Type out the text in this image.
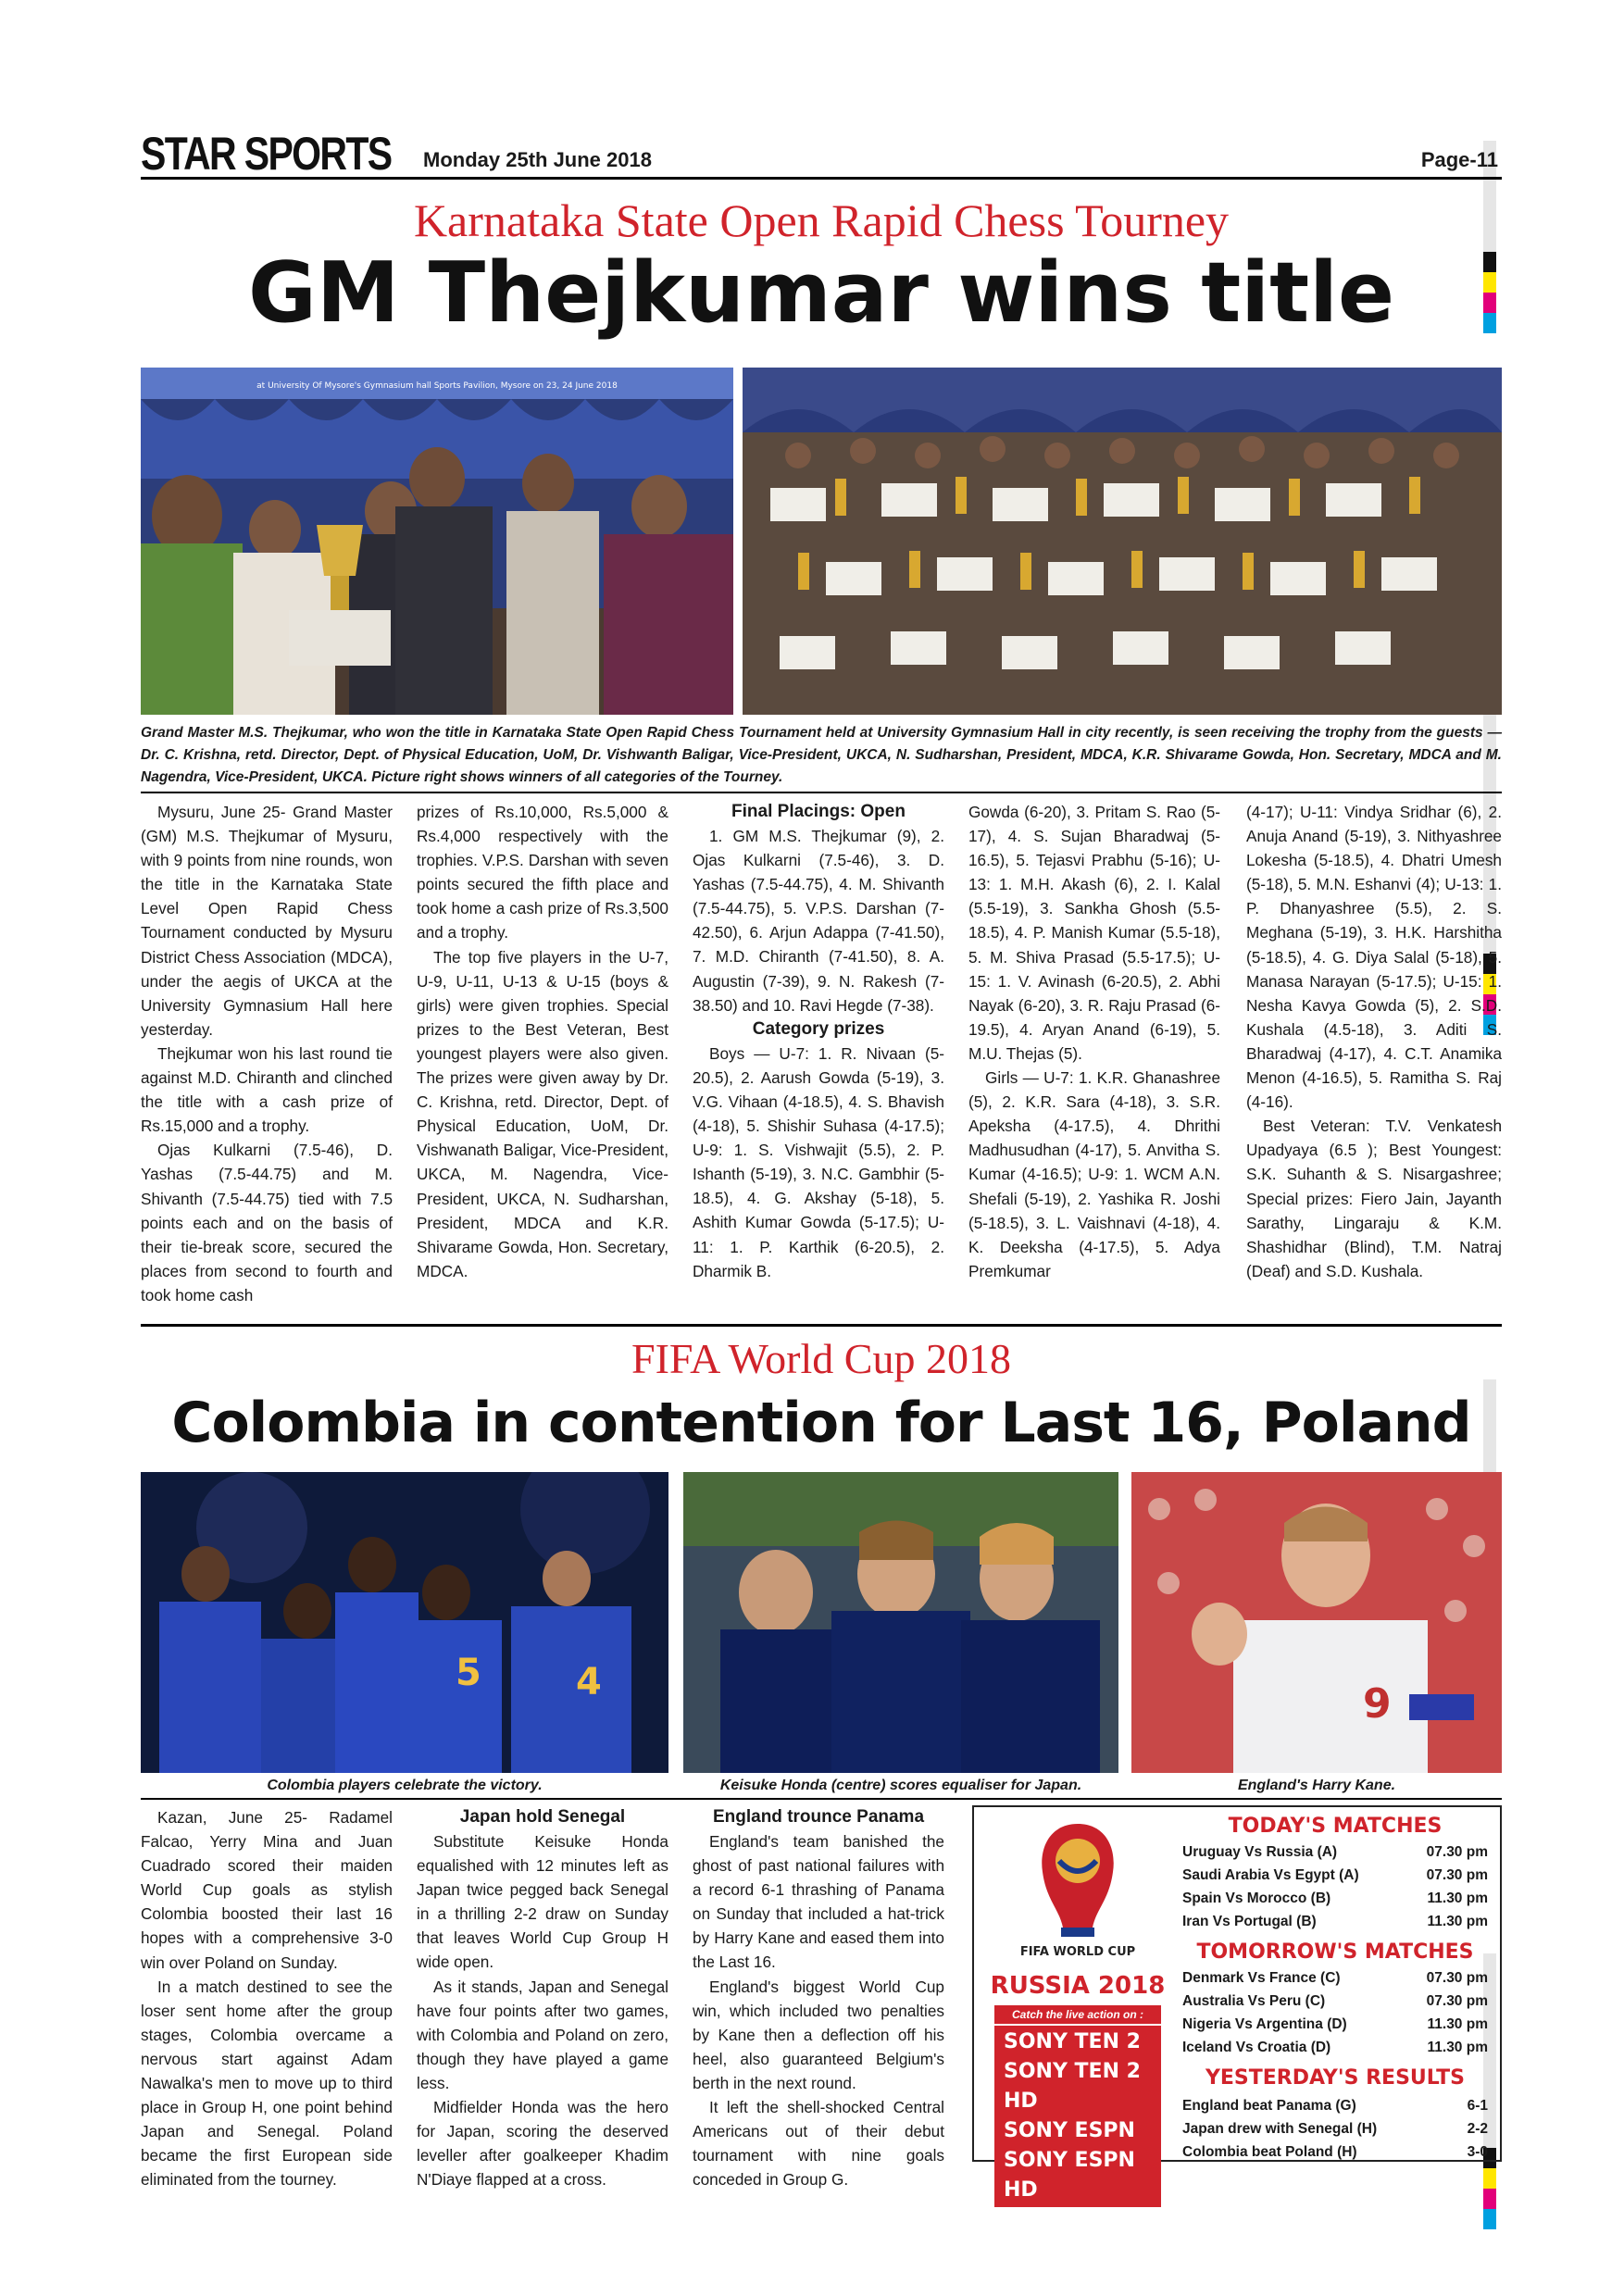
STAR SPORTS Monday 25th June 2018	Page-11
Karnataka State Open Rapid Chess Tourney
GM Thejkumar wins title
at University Of Mysore's Gymnasium hall Sports Pavilion, Mysore on 23, 24 June 2018
Grand Master M.S. Thejkumar, who won the title in Karnataka State Open Rapid Chess Tournament held at University Gymnasium Hall in city recently, is seen receiving the trophy from the guests — Dr. C. Krishna, retd. Director, Dept. of Physical Education, UoM, Dr. Vishwanth Baligar, Vice-President, UKCA, N. Sudharshan, President, MDCA, K.R. Shivarame Gowda, Hon. Secretary, MDCA and M. Nagendra, Vice-President, UKCA. Picture right shows winners of all categories of the Tourney.

Mysuru, June 25- Grand Master (GM) M.S. Thejkumar of Mysuru, with 9 points from nine rounds, won the title in the Karnataka State Level Open Rapid Chess Tournament conducted by Mysuru District Chess Association (MDCA), under the aegis of UKCA at the University Gymnasium Hall here yesterday.

Thejkumar won his last round tie against M.D. Chiranth and clinched the title with a cash prize of Rs.15,000 and a trophy.

Ojas Kulkarni (7.5-46), D. Yashas (7.5-44.75) and M. Shivanth (7.5-44.75) tied with 7.5 points each and on the basis of their tie-break score, secured the places from second to fourth and took home cash

prizes of Rs.10,000, Rs.5,000 & Rs.4,000 respectively with the trophies. V.P.S. Darshan with seven points secured the fifth place and took home a cash prize of Rs.3,500 and a trophy.

The top five players in the U-7, U-9, U-11, U-13 & U-15 (boys & girls) were given trophies. Special prizes to the Best Veteran, Best youngest players were also given. The prizes were given away by Dr. C. Krishna, retd. Director, Dept. of Physical Education, UoM, Dr. Vishwanath Baligar, Vice-President, UKCA, M. Nagendra, Vice-President, UKCA, N. Sudharshan, President, MDCA and K.R. Shivarame Gowda, Hon. Secretary, MDCA.

Final Placings: Open

1. GM M.S. Thejkumar (9), 2. Ojas Kulkarni (7.5-46), 3. D. Yashas (7.5-44.75), 4. M. Shivanth (7.5-44.75), 5. V.P.S. Darshan (7-42.50), 6. Arjun Adappa (7-41.50), 7. M.D. Chiranth (7-41.50), 8. A. Augustin (7-39), 9. N. Rakesh (7-38.50) and 10. Ravi Hegde (7-38).

Category prizes

Boys — U-7: 1. R. Nivaan (5-20.5), 2. Aarush Gowda (5-19), 3. V.G. Vihaan (4-18.5), 4. S. Bhavish (4-18), 5. Shishir Suhasa (4-17.5); U-9: 1. S. Vishwajit (5.5), 2. P. Ishanth (5-19), 3. N.C. Gambhir (5-18.5), 4. G. Akshay (5-18), 5. Ashith Kumar Gowda (5-17.5); U-11: 1. P. Karthik (6-20.5), 2. Dharmik B.

Gowda (6-20), 3. Pritam S. Rao (5-17), 4. S. Sujan Bharadwaj (5-16.5), 5. Tejasvi Prabhu (5-16); U-13: 1. M.H. Akash (6), 2. I. Kalal (5.5-19), 3. Sankha Ghosh (5.5-18.5), 4. P. Manish Kumar (5.5-18), 5. M. Shiva Prasad (5.5-17.5); U-15: 1. V. Avinash (6-20.5), 2. Abhi Nayak (6-20), 3. R. Raju Prasad (6-19.5), 4. Aryan Anand (6-19), 5. M.U. Thejas (5).

Girls — U-7: 1. K.R. Ghanashree (5), 2. K.R. Sara (4-18), 3. S.R. Apeksha (4-17.5), 4. Dhrithi Madhusudhan (4-17), 5. Anvitha S. Kumar (4-16.5); U-9: 1. WCM A.N. Shefali (5-19), 2. Yashika R. Joshi (5-18.5), 3. L. Vaishnavi (4-18), 4. K. Deeksha (4-17.5), 5. Adya Premkumar

(4-17); U-11: Vindya Sridhar (6), 2. Anuja Anand (5-19), 3. Nithyashree Lokesha (5-18.5), 4. Dhatri Umesh (5-18), 5. M.N. Eshanvi (4); U-13: 1. P. Dhanyashree (5.5), 2. S. Meghana (5-19), 3. H.K. Harshitha (5-18.5), 4. G. Diya Salal (5-18), 5. Manasa Narayan (5-17.5); U-15: 1. Nesha Kavya Gowda (5), 2. S.D. Kushala (4.5-18), 3. Aditi S. Bharadwaj (4-17), 4. C.T. Anamika Menon (4-16.5), 5. Ramitha S. Raj (4-16).

Best Veteran: T.V. Venkatesh Upadyaya (6.5 ); Best Youngest: S.K. Suhanth & S. Nisargashree; Special prizes: Fiero Jain, Jayanth Sarathy, Lingaraju & K.M. Shashidhar (Blind), T.M. Natraj (Deaf) and S.D. Kushala.

FIFA World Cup 2018
Colombia in contention for Last 16, Poland
5	4	9
Colombia players celebrate the victory.	Keisuke Honda (centre) scores equaliser for Japan.	England's Harry Kane.

Kazan, June 25- Radamel Falcao, Yerry Mina and Juan Cuadrado scored their maiden World Cup goals as stylish Colombia boosted their last 16 hopes with a comprehensive 3-0 win over Poland on Sunday.

In a match destined to see the loser sent home after the group stages, Colombia overcame a nervous start against Adam Nawalka's men to move up to third place in Group H, one point behind Japan and Senegal. Poland became the first European side eliminated from the tourney.

Japan hold Senegal

Substitute Keisuke Honda equalished with 12 minutes left as Japan twice pegged back Senegal in a thrilling 2-2 draw on Sunday that leaves World Cup Group H wide open.

As it stands, Japan and Senegal have four points after two games, with Colombia and Poland on zero, though they have played a game less.

Midfielder Honda was the hero for Japan, scoring the deserved leveller after goalkeeper Khadim N'Diaye flapped at a cross.

England trounce Panama

England's team banished the ghost of past national failures with a record 6-1 thrashing of Panama on Sunday that included a hat-trick by Harry Kane and eased them into the Last 16.

England's biggest World Cup win, which included two penalties by Kane then a deflection off his heel, also guaranteed Belgium's berth in the next round.

It left the shell-shocked Central Americans out of their debut tournament with nine goals conceded in Group G.

FIFA WORLD CUP
RUSSIA 2018
Catch the live action on :
SONY TEN 2
SONY TEN 2 HD
SONY ESPN
SONY ESPN HD
TODAY'S MATCHES
Uruguay Vs Russia (A)	07.30 pm
Saudi Arabia Vs Egypt (A)	07.30 pm
Spain Vs Morocco (B)	11.30 pm
Iran Vs Portugal (B)	11.30 pm
TOMORROW'S MATCHES
Denmark Vs France (C)	07.30 pm
Australia Vs Peru (C)	07.30 pm
Nigeria Vs Argentina (D)	11.30 pm
Iceland Vs Croatia (D)	11.30 pm
YESTERDAY'S RESULTS
England beat Panama (G)	6-1
Japan drew with Senegal (H)	2-2
Colombia beat Poland (H)	3-0
